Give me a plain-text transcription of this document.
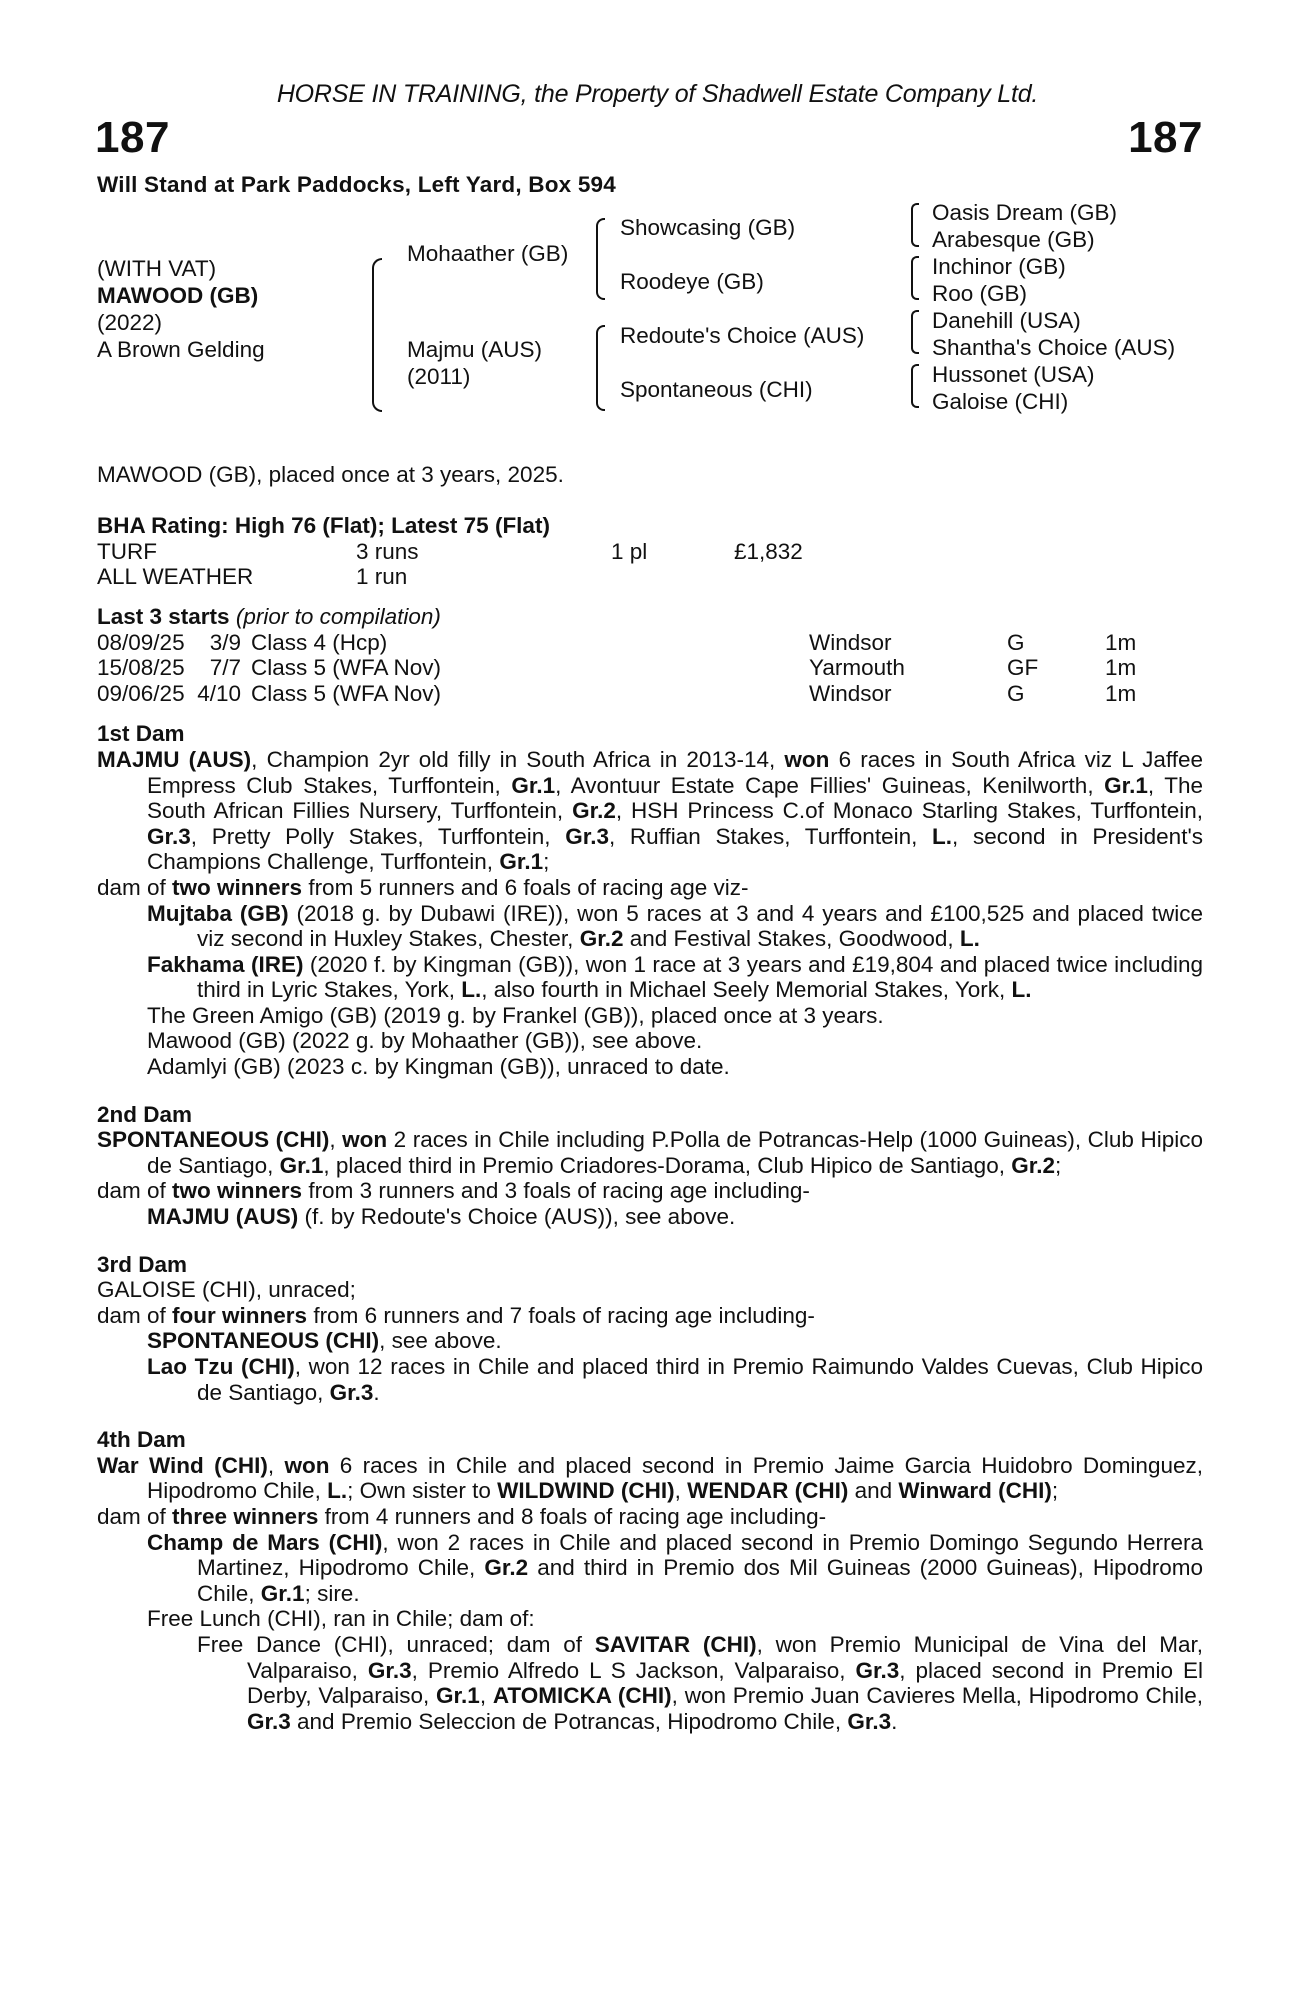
HORSE IN TRAINING, the Property of Shadwell Estate Company Ltd.
187	187
Will Stand at Park Paddocks, Left Yard, Box 594
(WITH VAT)
MAWOOD (GB)
(2022)
A Brown Gelding
Mohaather (GB)
Majmu (AUS)
(2011)
Showcasing (GB)
Roodeye (GB)
Redoute's Choice (AUS)
Spontaneous (CHI)
Oasis Dream (GB)
Arabesque (GB)
Inchinor (GB)
Roo (GB)
Danehill (USA)
Shantha's Choice (AUS)
Hussonet (USA)
Galoise (CHI)

MAWOOD (GB), placed once at 3 years, 2025.

BHA Rating: High 76 (Flat); Latest 75 (Flat)

TURF	3 runs	1 pl	£1,832
ALL WEATHER	1 run		

Last 3 starts (prior to compilation)

08/09/25	3/9	Class 4 (Hcp)	Windsor	G	1m
15/08/25	7/7	Class 5 (WFA Nov)	Yarmouth	GF	1m
09/06/25	4/10	Class 5 (WFA Nov)	Windsor	G	1m

1st Dam

MAJMU (AUS), Champion 2yr old filly in South Africa in 2013-14, won 6 races in South Africa viz L Jaffee Empress Club Stakes, Turffontein, Gr.1, Avontuur Estate Cape Fillies' Guineas, Kenilworth, Gr.1, The South African Fillies Nursery, Turffontein, Gr.2, HSH Princess C.of Monaco Starling Stakes, Turffontein, Gr.3, Pretty Polly Stakes, Turffontein, Gr.3, Ruffian Stakes, Turffontein, L., second in President's Champions Challenge, Turffontein, Gr.1;

dam of two winners from 5 runners and 6 foals of racing age viz-

Mujtaba (GB) (2018 g. by Dubawi (IRE)), won 5 races at 3 and 4 years and £100,525 and placed twice viz second in Huxley Stakes, Chester, Gr.2 and Festival Stakes, Goodwood, L.

Fakhama (IRE) (2020 f. by Kingman (GB)), won 1 race at 3 years and £19,804 and placed twice including third in Lyric Stakes, York, L., also fourth in Michael Seely Memorial Stakes, York, L.

The Green Amigo (GB) (2019 g. by Frankel (GB)), placed once at 3 years.

Mawood (GB) (2022 g. by Mohaather (GB)), see above.

Adamlyi (GB) (2023 c. by Kingman (GB)), unraced to date.

2nd Dam

SPONTANEOUS (CHI), won 2 races in Chile including P.Polla de Potrancas-Help (1000 Guineas), Club Hipico de Santiago, Gr.1, placed third in Premio Criadores-Dorama, Club Hipico de Santiago, Gr.2;

dam of two winners from 3 runners and 3 foals of racing age including-

MAJMU (AUS) (f. by Redoute's Choice (AUS)), see above.

3rd Dam

GALOISE (CHI), unraced;

dam of four winners from 6 runners and 7 foals of racing age including-

SPONTANEOUS (CHI), see above.

Lao Tzu (CHI), won 12 races in Chile and placed third in Premio Raimundo Valdes Cuevas, Club Hipico de Santiago, Gr.3.

4th Dam

War Wind (CHI), won 6 races in Chile and placed second in Premio Jaime Garcia Huidobro Dominguez, Hipodromo Chile, L.; Own sister to WILDWIND (CHI), WENDAR (CHI) and Winward (CHI);

dam of three winners from 4 runners and 8 foals of racing age including-

Champ de Mars (CHI), won 2 races in Chile and placed second in Premio Domingo Segundo Herrera Martinez, Hipodromo Chile, Gr.2 and third in Premio dos Mil Guineas (2000 Guineas), Hipodromo Chile, Gr.1; sire.

Free Lunch (CHI), ran in Chile; dam of:

Free Dance (CHI), unraced; dam of SAVITAR (CHI), won Premio Municipal de Vina del Mar, Valparaiso, Gr.3, Premio Alfredo L S Jackson, Valparaiso, Gr.3, placed second in Premio El Derby, Valparaiso, Gr.1, ATOMICKA (CHI), won Premio Juan Cavieres Mella, Hipodromo Chile, Gr.3 and Premio Seleccion de Potrancas, Hipodromo Chile, Gr.3.
